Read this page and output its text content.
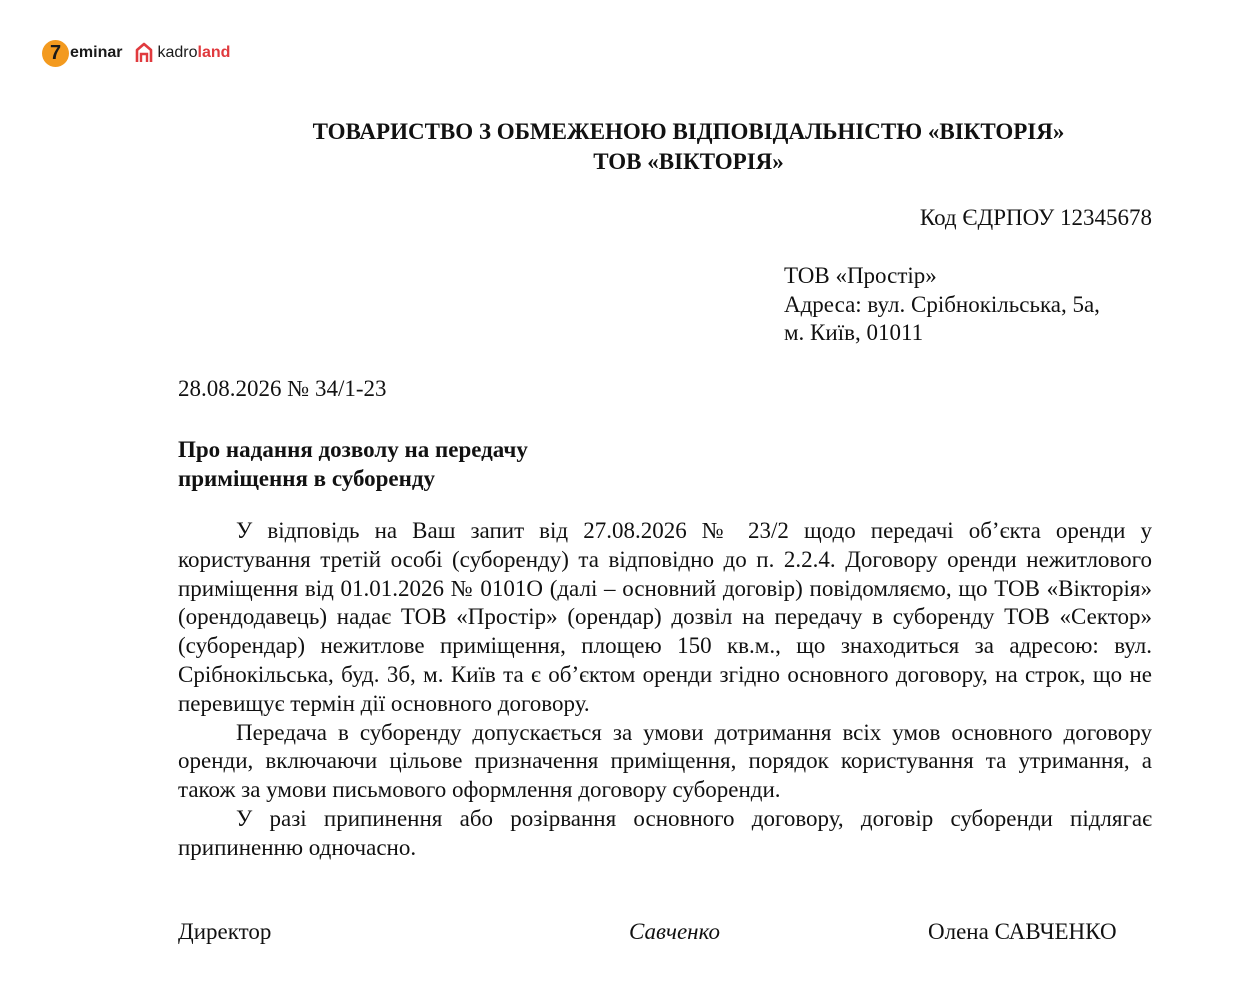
7 eminar kadroland
ТОВАРИСТВО З ОБМЕЖЕНОЮ ВІДПОВІДАЛЬНІСТЮ «ВІКТОРІЯ»
ТОВ «ВІКТОРІЯ»
Код ЄДРПОУ 12345678
ТОВ «Простір»
Адреса: вул. Срібнокільська, 5а,
м. Київ, 01011
28.08.2026 № 34/1-23
Про надання дозволу на передачу
приміщення в суборенду

У відповідь на Ваш запит від 27.08.2026 № 23/2 щодо передачі об’єкта оренди у користування третій особі (суборенду) та відповідно до п. 2.2.4. Договору оренди нежитлового приміщення від 01.01.2026 № 0101О (далі – основний договір) повідомляємо, що ТОВ «Вікторія» (орендодавець) надає ТОВ «Простір» (орендар) дозвіл на передачу в суборенду ТОВ «Сектор» (суборендар) нежитлове приміщення, площею 150 кв.м., що знаходиться за адресою: вул. Срібнокільська, буд. 3б, м. Київ та є об’єктом оренди згідно основного договору, на строк, що не перевищує термін дії основного договору.

Передача в суборенду допускається за умови дотримання всіх умов основного договору оренди, включаючи цільове призначення приміщення, порядок користування та утримання, а також за умови письмового оформлення договору суборенди.

У разі припинення або розірвання основного договору, договір суборенди підлягає припиненню одночасно.

Директор	Савченко	Олена САВЧЕНКО
